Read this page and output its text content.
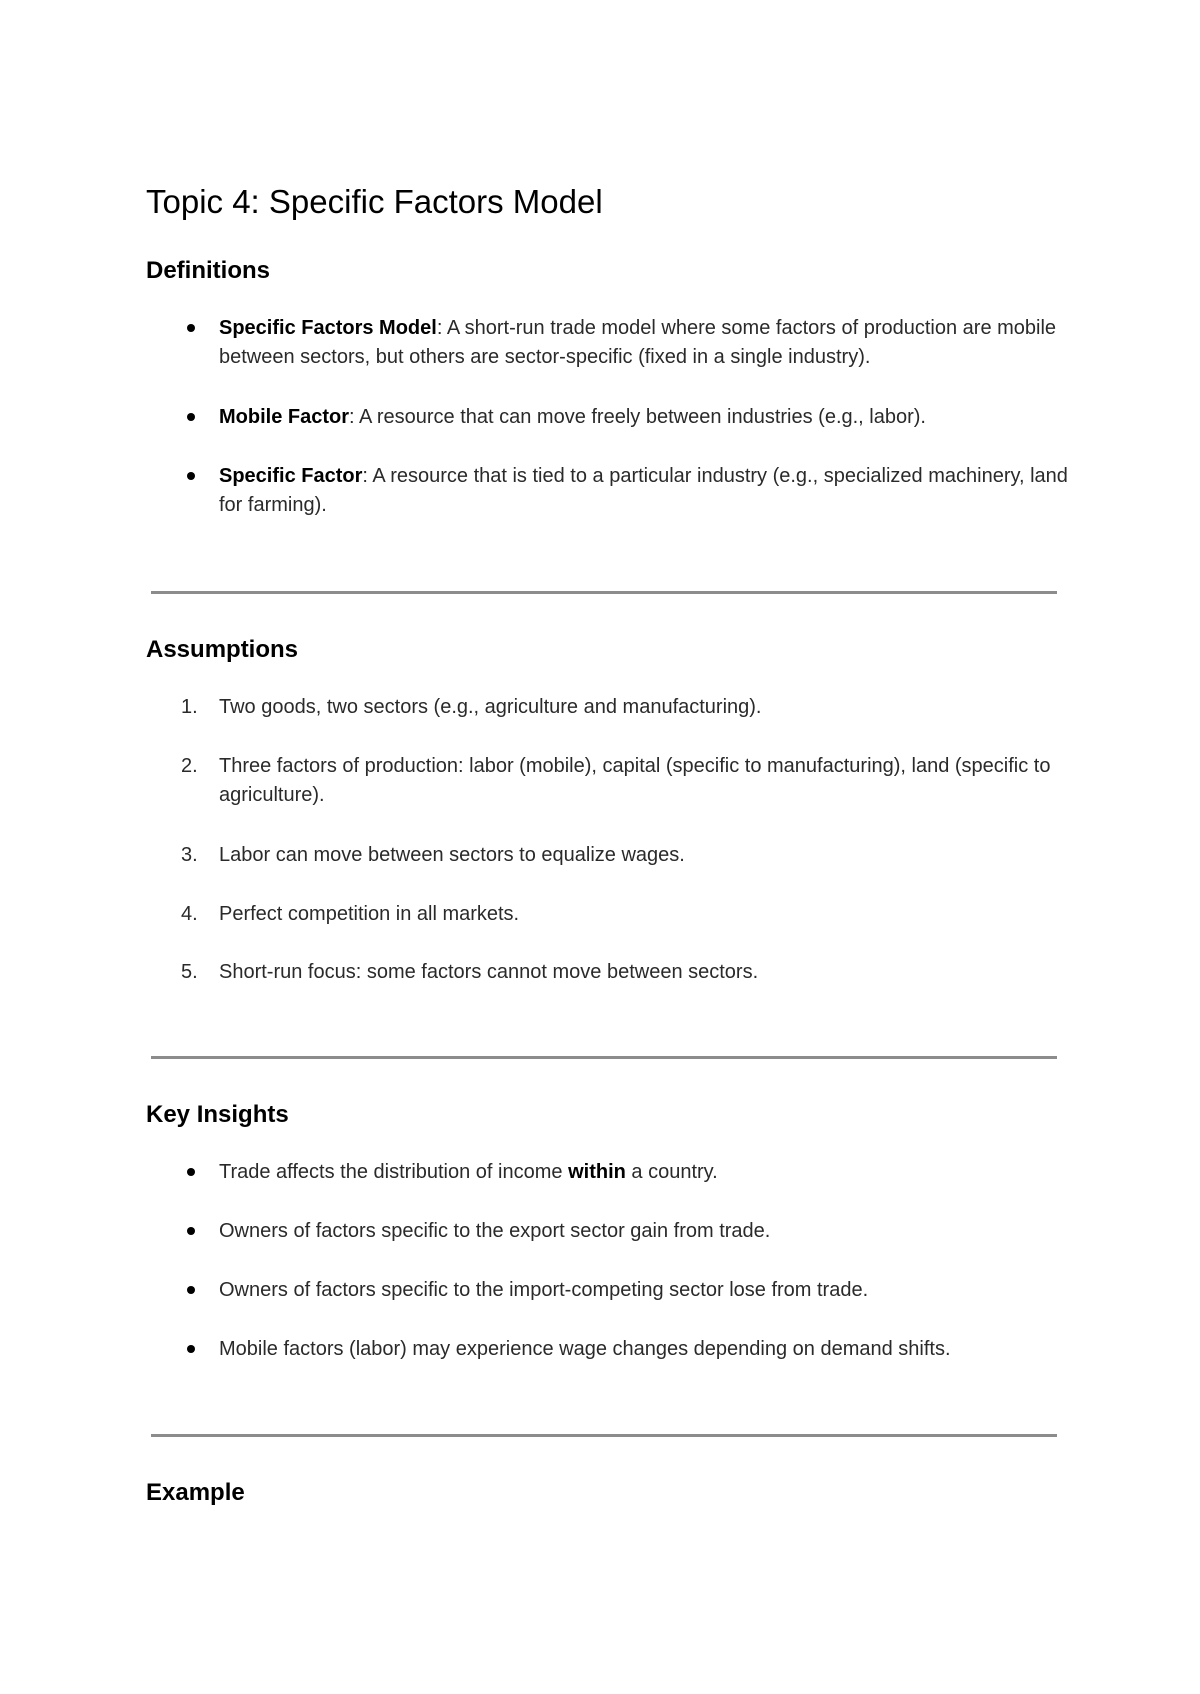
Topic 4: Specific Factors Model
Definitions
Specific Factors Model: A short-run trade model where some factors of production are mobile between sectors, but others are sector-specific (fixed in a single industry).
Mobile Factor: A resource that can move freely between industries (e.g., labor).
Specific Factor: A resource that is tied to a particular industry (e.g., specialized machinery, land for farming).
Assumptions
1.	Two goods, two sectors (e.g., agriculture and manufacturing).
2.	Three factors of production: labor (mobile), capital (specific to manufacturing), land (specific to agriculture).
3.	Labor can move between sectors to equalize wages.
4.	Perfect competition in all markets.
5.	Short-run focus: some factors cannot move between sectors.
Key Insights
Trade affects the distribution of income within a country.
Owners of factors specific to the export sector gain from trade.
Owners of factors specific to the import-competing sector lose from trade.
Mobile factors (labor) may experience wage changes depending on demand shifts.
Example
